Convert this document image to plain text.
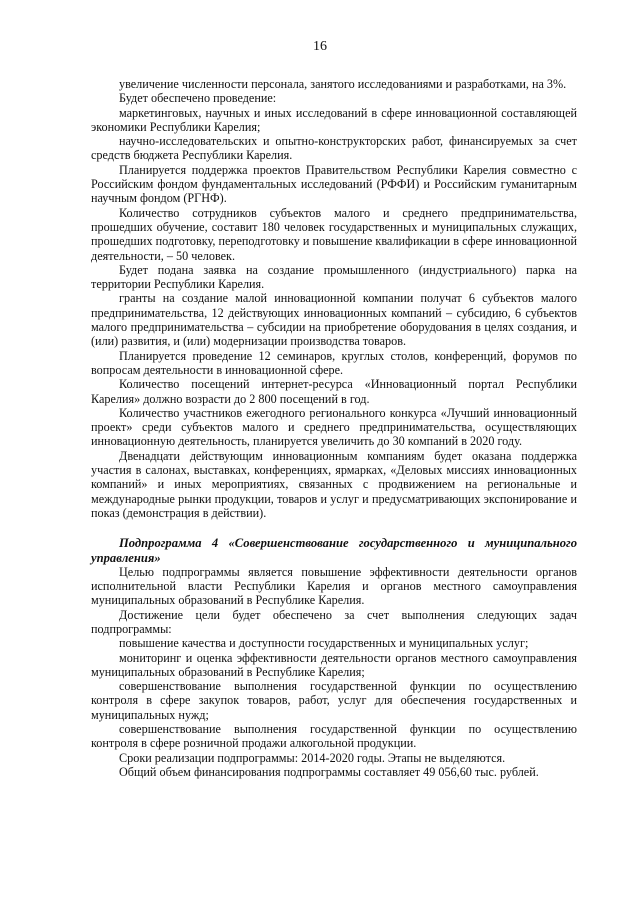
16

увеличение численности персонала, занятого исследованиями и разработками, на 3%.

Будет обеспечено проведение:

маркетинговых, научных и иных исследований в сфере инновационной составляющей экономики Республики Карелия;

научно-исследовательских и опытно-конструкторских работ, финансируемых за счет средств бюджета Республики Карелия.

Планируется поддержка проектов Правительством Республики Карелия совместно с Российским фондом фундаментальных исследований (РФФИ) и Российским гуманитарным научным фондом (РГНФ).

Количество сотрудников субъектов малого и среднего предпринимательства, прошедших обучение, составит 180 человек государственных и муниципальных служащих, прошедших подготовку, переподготовку и повышение квалификации в сфере инновационной деятельности, – 50 человек.

Будет подана заявка на создание промышленного (индустриального) парка на территории Республики Карелия.

гранты на создание малой инновационной компании получат 6 субъектов малого предпринимательства, 12 действующих инновационных компаний – субсидию, 6 субъектов малого предпринимательства – субсидии на приобретение оборудования в целях создания, и (или) развития, и (или) модернизации производства товаров.

Планируется проведение 12 семинаров, круглых столов, конференций, форумов по вопросам деятельности в инновационной сфере.

Количество посещений интернет-ресурса «Инновационный портал Республики Карелия» должно возрасти до 2 800 посещений в год.

Количество участников ежегодного регионального конкурса «Лучший инновационный проект» среди субъектов малого и среднего предпринимательства, осуществляющих инновационную деятельность, планируется увеличить до 30 компаний в 2020 году.

Двенадцати действующим инновационным компаниям будет оказана поддержка участия в салонах, выставках, конференциях, ярмарках, «Деловых миссиях инновационных компаний» и иных мероприятиях, связанных с продвижением на региональные и международные рынки продукции, товаров и услуг и предусматривающих экспонирование и показ (демонстрация в действии).

Подпрограмма 4 «Совершенствование государственного и муниципального управления»

Целью подпрограммы является повышение эффективности деятельности органов исполнительной власти Республики Карелия и органов местного самоуправления муниципальных образований в Республике Карелия.

Достижение цели будет обеспечено за счет выполнения следующих задач подпрограммы:

повышение качества и доступности государственных и муниципальных услуг;

мониторинг и оценка эффективности деятельности органов местного самоуправления муниципальных образований в Республике Карелия;

совершенствование выполнения государственной функции по осуществлению контроля в сфере закупок товаров, работ, услуг для обеспечения государственных и муниципальных нужд;

совершенствование выполнения государственной функции по осуществлению контроля в сфере розничной продажи алкогольной продукции.

Сроки реализации подпрограммы: 2014-2020 годы. Этапы не выделяются.

Общий объем финансирования подпрограммы составляет 49 056,60 тыс. рублей.
